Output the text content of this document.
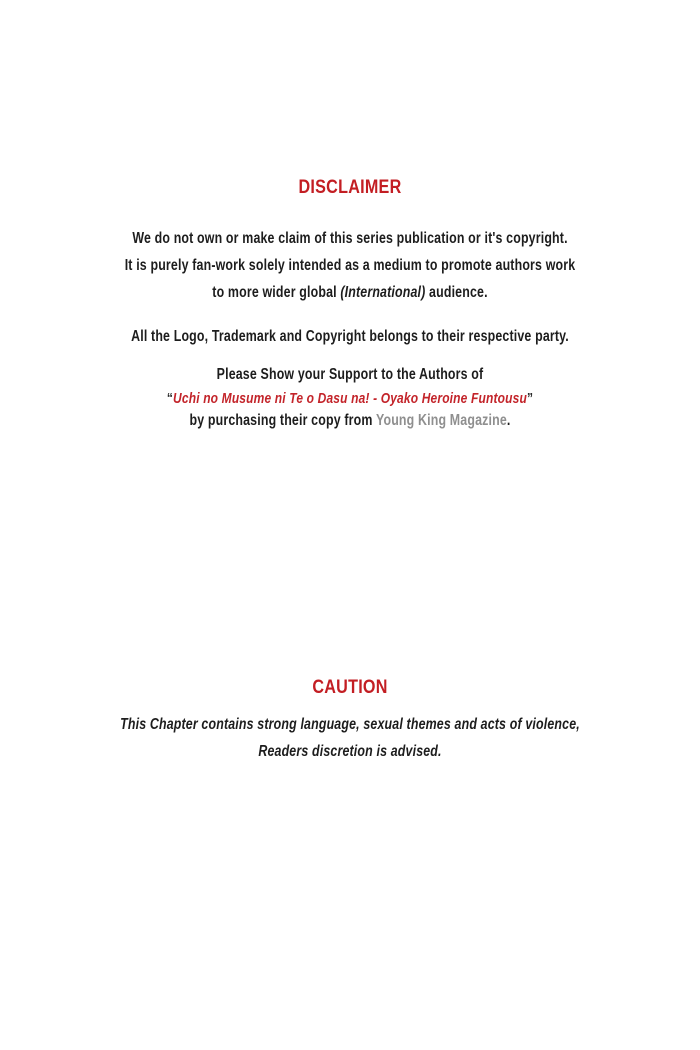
DISCLAIMER
We do not own or make claim of this series publication or it's copyright.
It is purely fan-work solely intended as a medium to promote authors work
to more wider global (International) audience.
All the Logo, Trademark and Copyright belongs to their respective party.
Please Show your Support to the Authors of
“Uchi no Musume ni Te o Dasu na! - Oyako Heroine Funtousu”
by purchasing their copy from Young King Magazine.
CAUTION
This Chapter contains strong language, sexual themes and acts of violence,
Readers discretion is advised.
